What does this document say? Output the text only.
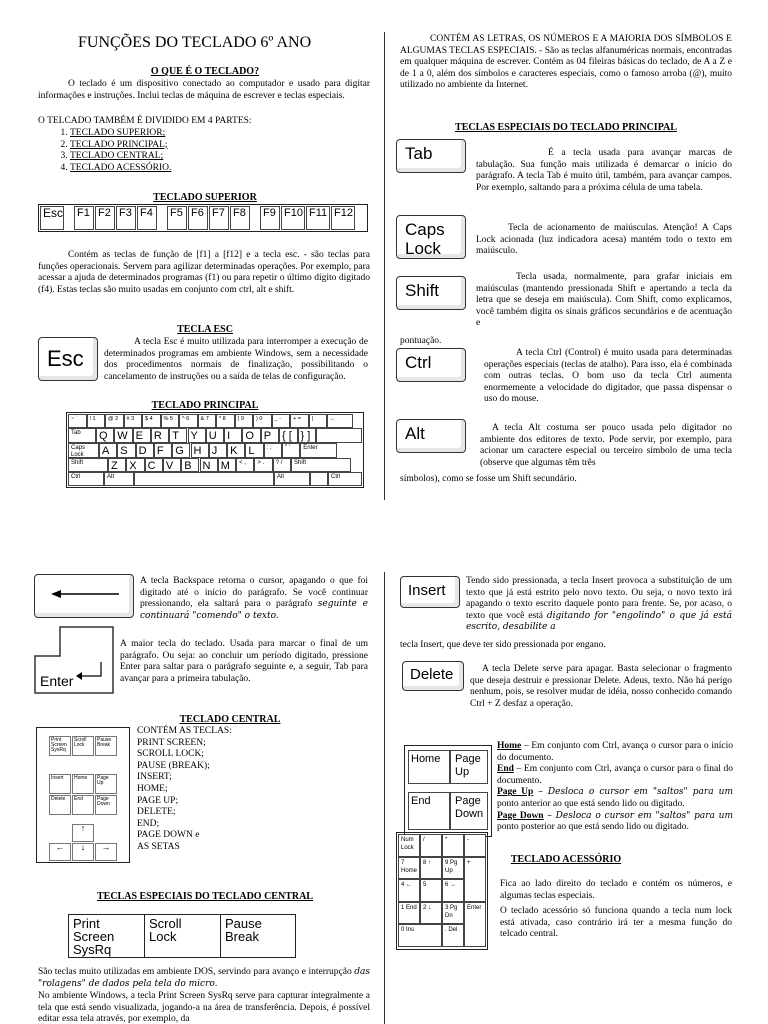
FUNÇÕES DO TECLADO 6º ANO
O QUE É O TECLADO?
O teclado é um dispositivo conectado ao computador e usado para digitar informações e instruções. Inclui teclas de máquina de escrever e teclas especiais.
O TELCADO TAMBÉM É DIVIDIDO EM 4 PARTES:
1. TECLADO SUPERIOR;
2. TECLADO PRINCIPAL;
3. TECLADO CENTRAL;
4. TECLADO ACESSÓRIO.
TECLADO SUPERIOR
Esc F1 F2 F3 F4	F5 F6 F7 F8	F9 F10 F11 F12
Contém as teclas de função de [f1] a [f12] e a tecla esc. - são teclas para funções operacionais. Servem para agilizar determinadas operações. Por exemplo, para acessar a ajuda de determinados programas (f1) ou para repetir o último dígito digitado (f4). Estas teclas são muito usadas em conjunto com ctrl, alt e shift.
TECLA ESC
Esc
A tecla Esc é muito utilizada para interromper a execução de determinados programas em ambiente Windows, sem a necessidade dos procedimentos normais de finalização, possibilitando o cancelamento de instruções ou a saída de telas de configuração.
TECLADO PRINCIPAL
~ `	! 1	@ 2	# 3	$ 4	% 5	^ 6	& 7	* 8	( 9	) 0	_ -	+ =	|	←
Tab	Q W E R T	Y U I	O P { [ } ]
Caps Lock	A S D F	G H J	K L	: ;	" '	Enter
Shift	Z	X C V B N M	< ,	> .	? /	Shift
Ctrl	Alt	Alt	Ctrl
CONTÉM AS LETRAS, OS NÚMEROS E A MAIORIA DOS SÍMBOLOS E ALGUMAS TECLAS ESPECIAIS. - São as teclas alfanuméricas normais, encontradas em qualquer máquina de escrever. Contém as 04 fileiras básicas do teclado, de A a Z e de 1 a 0, além dos símbolos e caracteres especiais, como o famoso arroba (@), muito utilizado no ambiente da Internet.
TECLAS ESPECIAIS DO TECLADO PRINCIPAL
Tab	É a tecla usada para avançar marcas de tabulação. Sua função mais utilizada é demarcar o início do parágrafo. A tecla Tab é muito útil, também, para avançar campos. Por exemplo, saltando para a próxima célula de uma tabela.
Caps
Lock
Tecla de acionamento de maiúsculas. Atenção! A Caps Lock acionada (luz indicadora acesa) mantém todo o texto em maiúsculo.
Shift
Tecla usada, normalmente, para grafar iniciais em maiúsculas (mantendo pressionada Shift e apertando a tecla da letra que se deseja em maiúscula). Com Shift, como explicamos, você também digita os sinais gráficos secundários e de acentuação e
pontuação.
Ctrl	A tecla Ctrl (Control) é muito usada para determinadas operações especiais (teclas de atalho). Para isso, ela é combinada com outras teclas. O bom uso da tecla Ctrl aumenta enormemente a velocidade do digitador, que passa dispensar o uso do mouse.
Alt	A tecla Alt costuma ser pouco usada pelo digitador no ambiente dos editores de texto. Pode servir, por exemplo, para acionar um caractere especial ou terceiro símbolo de uma tecla (observe que algumas têm três
símbolos), como se fosse um Shift secundário.
A tecla Backspace retorna o cursor, apagando o que foi digitado até o início do parágrafo. Se você continuar pressionando, ela saltará para o parágrafo seguinte e continuará "comendo" o texto.
Enter
A maior tecla do teclado. Usada para marcar o final de um parágrafo. Ou seja: ao concluir um período digitado, pressione Enter para saltar para o parágrafo seguinte e, a seguir, Tab para avançar para a primeira tabulação.
TECLADO CENTRAL
Print Screen SysRq
Scroll Lock
Pause Break
Insert	Home	Page Up
Delete	End	Page Down
↑
←	↓	→
CONTÉM AS TECLAS:
PRINT SCREEN;
SCROLL LOCK;
PAUSE (BREAK);
INSERT;
HOME;
PAGE UP;
DELETE;
END;
PAGE DOWN e
AS SETAS
TECLAS ESPECIAIS DO TECLADO CENTRAL
Print
Screen
SysRq
Scroll
Lock
Pause
Break
São teclas muito utilizadas em ambiente DOS, servindo para avanço e interrupção das "rolagens" de dados pela tela do micro.
No ambiente Windows, a tecla Print Screen SysRq serve para capturar integralmente a tela que está sendo visualizada, jogando-a na área de transferência. Depois, é possível editar essa tela através, por exemplo, da
Insert
Tendo sido pressionada, a tecla Insert provoca a substituição de um texto que já está estrito pelo novo texto. Ou seja, o novo texto irá apagando o texto escrito daquele ponto para frente. Se, por acaso, o texto que você está digitando for "engolindo" o que já está escrito, desabilite a
tecla Insert, que deve ter sido pressionada por engano.
Delete	A tecla Delete serve para apagar. Basta selecionar o fragmento que deseja destruir e pressionar Delete. Adeus, texto. Não há perigo nenhum, pois, se resolver mudar de idéia, nosso conhecido comando Ctrl + Z desfaz a operação.
Home	Page Up
End	Page Down
Home – Em conjunto com Ctrl, avança o cursor para o início do documento.
End – Em conjunto com Ctrl, avança o cursor para o final do documento.
Page Up – Desloca o cursor em "saltos" para um ponto anterior ao que está sendo lido ou digitado.
Page Down – Desloca o cursor em "saltos" para um ponto posterior ao que está sendo lido ou digitado.
TECLADO ACESSÓRIO
Num Lock
/	*	-
7 Home
8 ↑	9 Pg Up
+
4 ←	5	6 →
1 End	2 ↓	3 Pg Dn
Enter
0 Ins	. Del
Fica ao lado direito do teclado e contém os números, e algumas teclas especiais.
O teclado acessório só funciona quando a tecla num lock está ativada, caso contrário irá ter a mesma função do telcado central.
